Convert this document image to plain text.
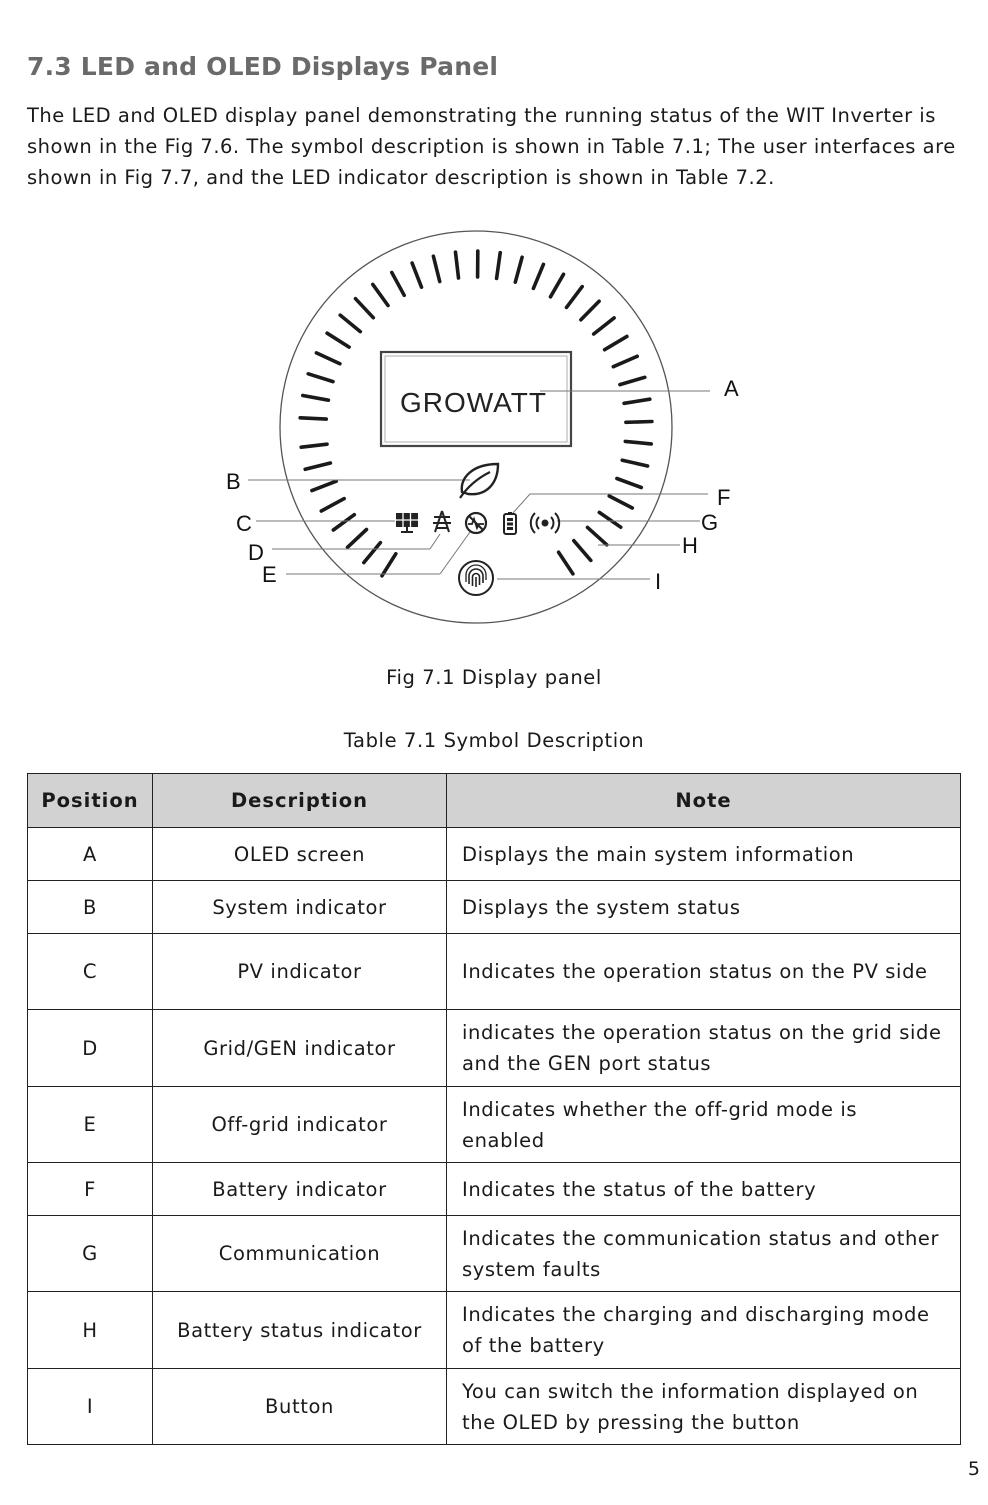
7.3 LED and OLED Displays Panel

The LED and OLED display panel demonstrating the running status of the WIT Inverter is shown in the Fig 7.6. The symbol description is shown in Table 7.1; The user interfaces are shown in Fig 7.7, and the LED indicator description is shown in Table 7.2.

GROWATT	A
B
C
D
E
F
G
H
I
Fig 7.1 Display panel
Table 7.1 Symbol Description
Position	Description	Note
A	OLED screen	Displays the main system information
B	System indicator	Displays the system status
C	PV indicator	Indicates the operation status on the PV side
D	Grid/GEN indicator	indicates the operation status on the grid side and the GEN port status
E	Off-grid indicator	Indicates whether the off-grid mode is enabled
F	Battery indicator	Indicates the status of the battery
G	Communication	Indicates the communication status and other system faults
H	Battery status indicator	Indicates the charging and discharging mode of the battery
I	Button	You can switch the information displayed on the OLED by pressing the button
5
